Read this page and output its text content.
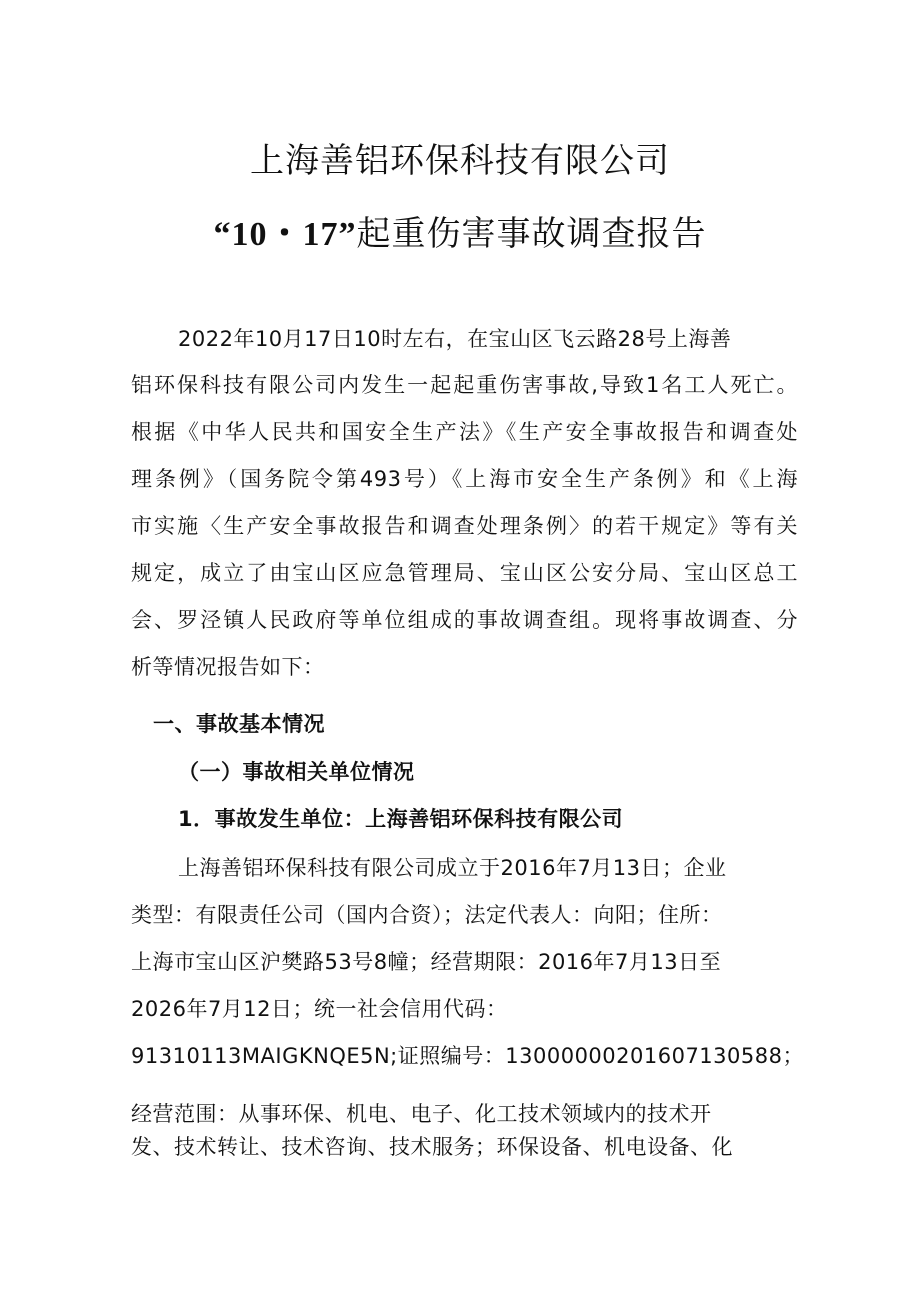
上海善铝环保科技有限公司
“10・17”起重伤害事故调查报告
2022年10月17日10时左右，在宝山区飞云路28号上海善
铝环保科技有限公司内发生一起起重伤害事故,导致1名工人死亡。
根据《中华人民共和国安全生产法》《生产安全事故报告和调查处
理条例》（国务院令第493号）《上海市安全生产条例》和《上海
市实施〈生产安全事故报告和调查处理条例〉的若干规定》等有关
规定，成立了由宝山区应急管理局、宝山区公安分局、宝山区总工
会、罗泾镇人民政府等单位组成的事故调查组。现将事故调查、分
析等情况报告如下：
一、事故基本情况
（一）事故相关单位情况
1．事故发生单位：上海善铝环保科技有限公司
上海善铝环保科技有限公司成立于2016年7月13日；企业
类型：有限责任公司（国内合资）；法定代表人：向阳；住所：
上海市宝山区沪樊路53号8幢；经营期限：2016年7月13日至
2026年7月12日；统一社会信用代码：
91310113MAIGKNQE5N;证照编号：13000000201607130588；
经营范围：从事环保、机电、电子、化工技术领域内的技术开
发、技术转让、技术咨询、技术服务；环保设备、机电设备、化
